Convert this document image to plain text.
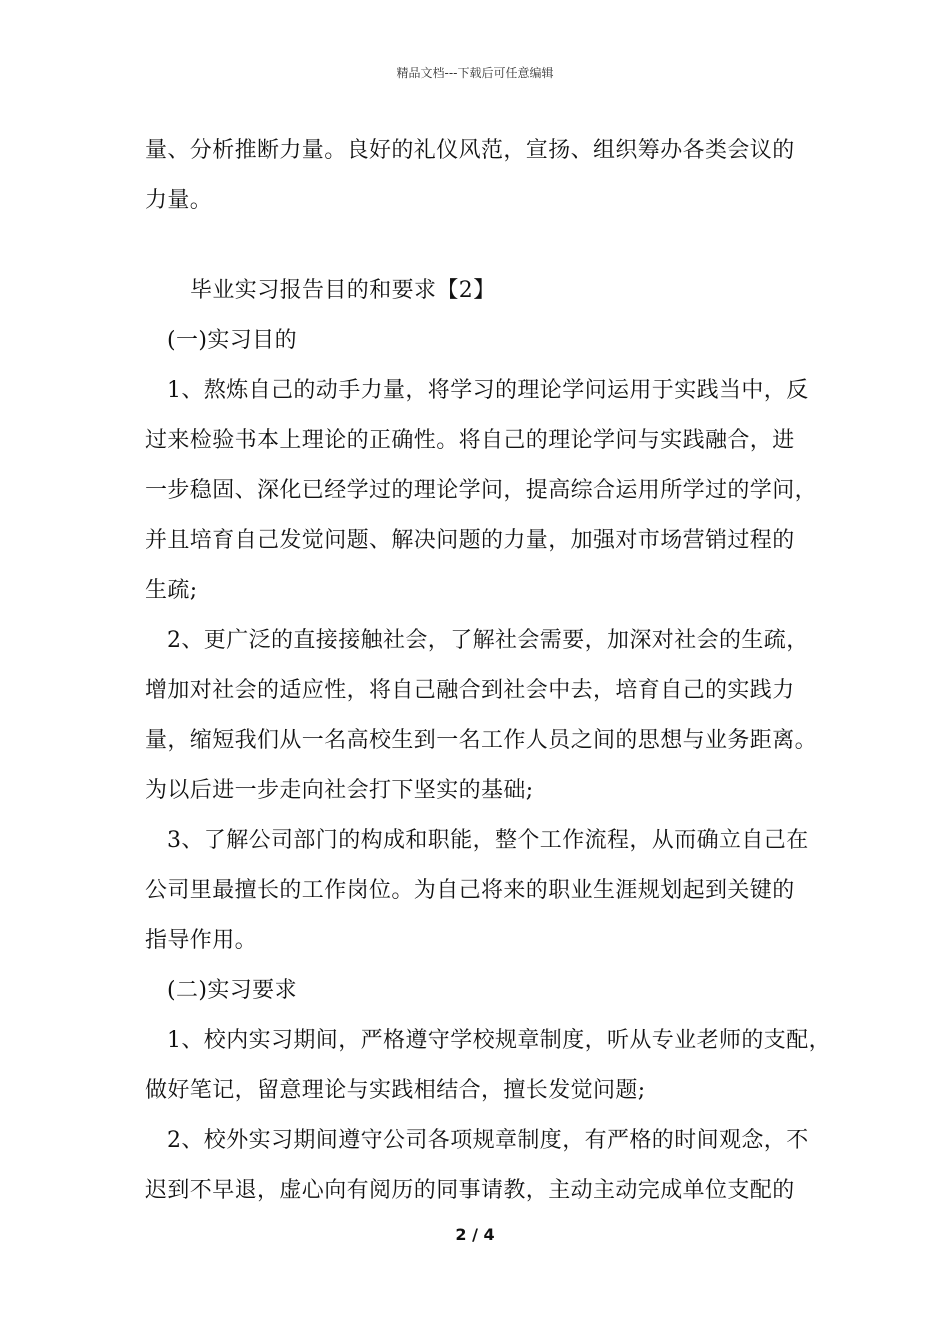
精品文档---下载后可任意编辑
量、分析推断力量。良好的礼仪风范，宣扬、组织筹办各类会议的
力量。
毕业实习报告目的和要求【2】
(一)实习目的
1、熬炼自己的动手力量，将学习的理论学问运用于实践当中，反
过来检验书本上理论的正确性。将自己的理论学问与实践融合，进
一步稳固、深化已经学过的理论学问，提高综合运用所学过的学问，
并且培育自己发觉问题、解决问题的力量，加强对市场营销过程的
生疏;
2、更广泛的直接接触社会，了解社会需要，加深对社会的生疏，
增加对社会的适应性，将自己融合到社会中去，培育自己的实践力
量，缩短我们从一名高校生到一名工作人员之间的思想与业务距离。
为以后进一步走向社会打下坚实的基础;
3、了解公司部门的构成和职能，整个工作流程，从而确立自己在
公司里最擅长的工作岗位。为自己将来的职业生涯规划起到关键的
指导作用。
(二)实习要求
1、校内实习期间，严格遵守学校规章制度，听从专业老师的支配，
做好笔记，留意理论与实践相结合，擅长发觉问题;
2、校外实习期间遵守公司各项规章制度，有严格的时间观念，不
迟到不早退，虚心向有阅历的同事请教，主动主动完成单位支配的
2 / 4
